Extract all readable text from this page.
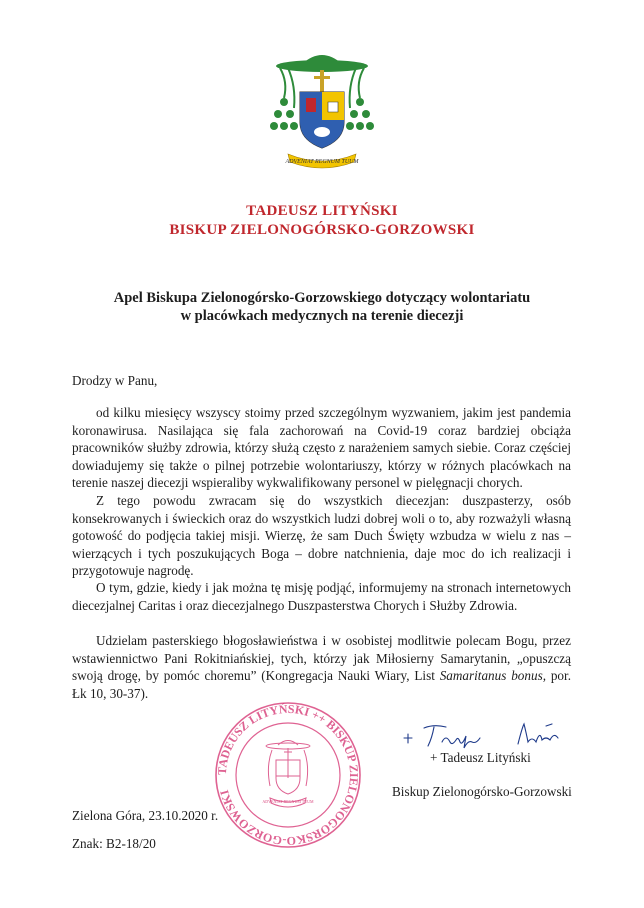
ADVENIAT REGNUM TUUM
TADEUSZ LITYŃSKI
BISKUP ZIELONOGÓRSKO-GORZOWSKI
Apel Biskupa Zielonogórsko-Gorzowskiego dotyczący wolontariatu
w placówkach medycznych na terenie diecezji
Drodzy w Panu,

od kilku miesięcy wszyscy stoimy przed szczególnym wyzwaniem, jakim jest pandemia koronawirusa. Nasilająca się fala zachorowań na Covid-19 coraz bardziej obciąża pracowników służby zdrowia, którzy służą często z narażeniem samych siebie. Coraz częściej dowiadujemy się także o pilnej potrzebie wolontariuszy, którzy w różnych placówkach na terenie naszej diecezji wspieraliby wykwalifikowany personel w pielęgnacji chorych.

Z tego powodu zwracam się do wszystkich diecezjan: duszpasterzy, osób konsekrowanych i świeckich oraz do wszystkich ludzi dobrej woli o to, aby rozważyli własną gotowość do podjęcia takiej misji. Wierzę, że sam Duch Święty wzbudza w wielu z nas – wierzących i tych poszukujących Boga – dobre natchnienia, daje moc do ich realizacji i przygotowuje nagrodę.

O tym, gdzie, kiedy i jak można tę misję podjąć, informujemy na stronach internetowych diecezjalnej Caritas i oraz diecezjalnego Duszpasterstwa Chorych i Służby Zdrowia.

Udzielam pasterskiego błogosławieństwa i w osobistej modlitwie polecam Bogu, przez wstawiennictwo Pani Rokitniańskiej, tych, którzy jak Miłosierny Samarytanin, „opuszczą swoją drogę, by pomóc choremu” (Kongregacja Nauki Wiary, List Samaritanus bonus, por. Łk 10, 30-37).

TADEUSZ LITYŃSKI ++ BISKUP ZIELONOGÓRSKO-GORZOWSKI
ADVENIAT REGNUM TUUM
+ Tadeusz Lityński
Biskup Zielonogórsko-Gorzowski
Zielona Góra, 23.10.2020 r.
Znak: B2-18/20
